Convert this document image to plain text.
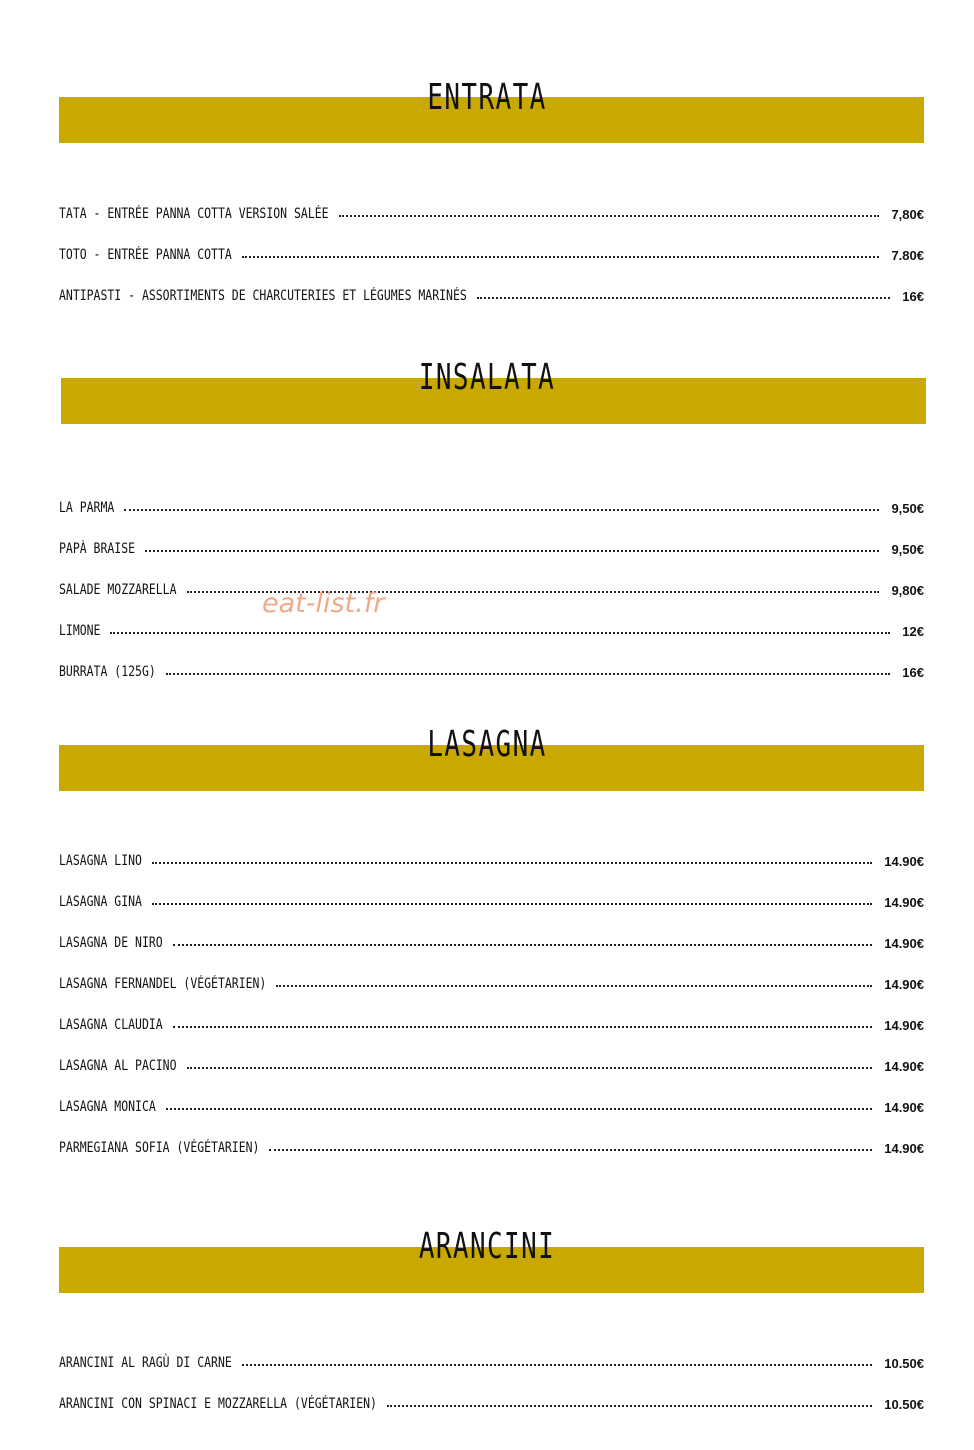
ENTRATA
TATA - ENTRÉE PANNA COTTA VERSION SALÉE	7,80€
TOTO - ENTRÉE PANNA COTTA	7.80€
ANTIPASTI - ASSORTIMENTS DE CHARCUTERIES ET LÉGUMES MARINÉS	16€
INSALATA
LA PARMA	9,50€
PAPÀ BRAISE	9,50€
SALADE MOZZARELLA	9,80€
LIMONE	12€
BURRATA (125G)	16€
LASAGNA
LASAGNA LINO	14.90€
LASAGNA GINA	14.90€
LASAGNA DE NIRO	14.90€
LASAGNA FERNANDEL (VÉGÉTARIEN)	14.90€
LASAGNA CLAUDIA	14.90€
LASAGNA AL PACINO	14.90€
LASAGNA MONICA	14.90€
PARMEGIANA SOFIA (VÉGÉTARIEN)	14.90€
ARANCINI
ARANCINI AL RAGÙ DI CARNE	10.50€
ARANCINI CON SPINACI E MOZZARELLA (VÉGÉTARIEN)	10.50€
eat-list.fr
